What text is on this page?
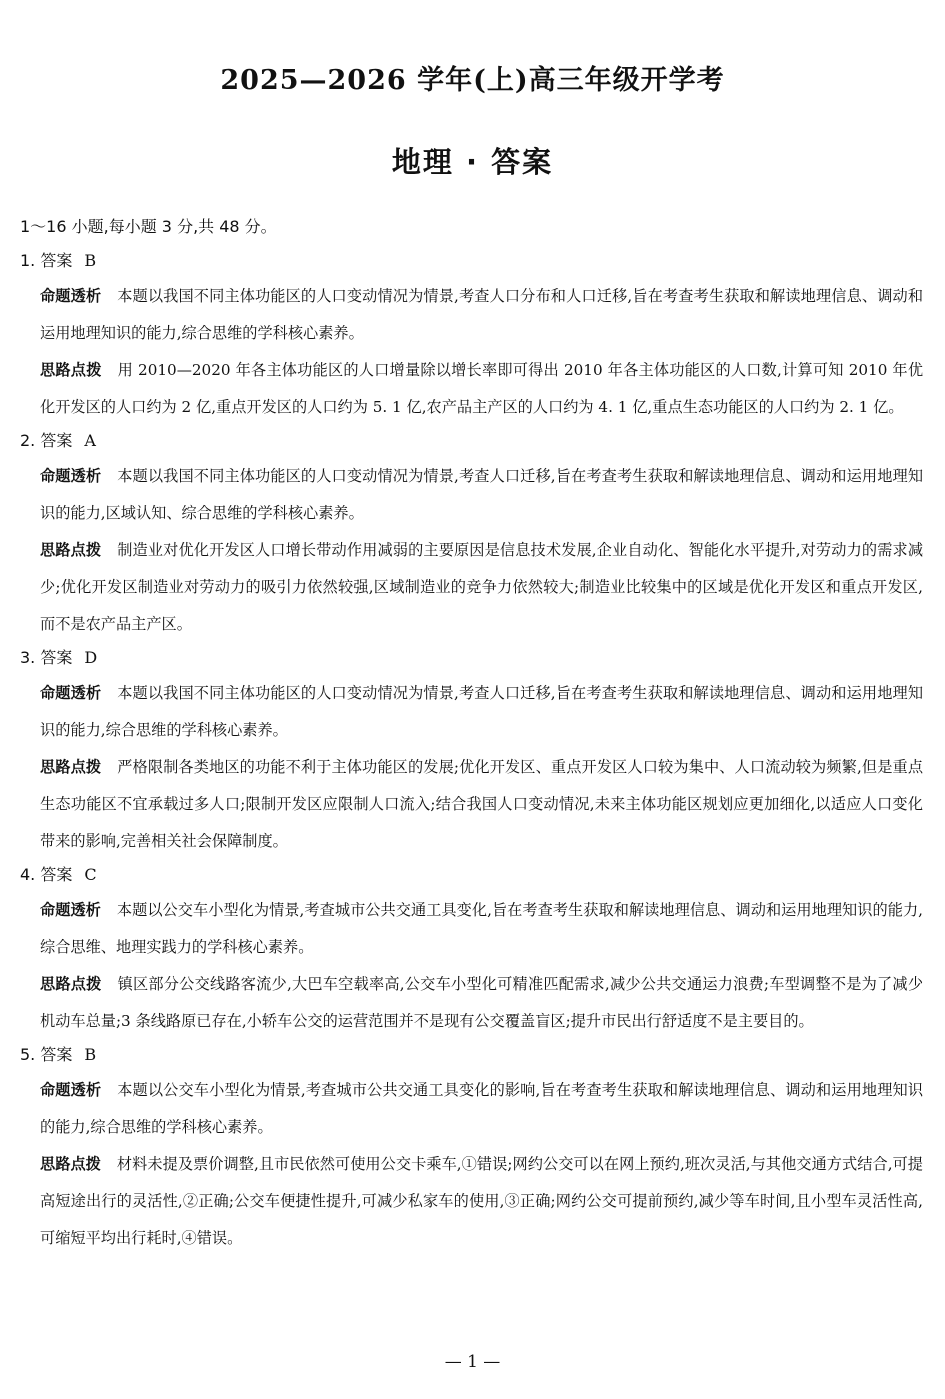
2025—2026 学年(上)高三年级开学考
地理 · 答案
1～16 小题,每小题 3 分,共 48 分。
1. 答案 B

命题透析 本题以我国不同主体功能区的人口变动情况为情景,考查人口分布和人口迁移,旨在考查考生获取和解读地理信息、调动和运用地理知识的能力,综合思维的学科核心素养。

思路点拨 用 2010—2020 年各主体功能区的人口增量除以增长率即可得出 2010 年各主体功能区的人口数,计算可知 2010 年优化开发区的人口约为 2 亿,重点开发区的人口约为 5. 1 亿,农产品主产区的人口约为 4. 1 亿,重点生态功能区的人口约为 2. 1 亿。

2. 答案 A

命题透析 本题以我国不同主体功能区的人口变动情况为情景,考查人口迁移,旨在考查考生获取和解读地理信息、调动和运用地理知识的能力,区域认知、综合思维的学科核心素养。

思路点拨 制造业对优化开发区人口增长带动作用减弱的主要原因是信息技术发展,企业自动化、智能化水平提升,对劳动力的需求减少;优化开发区制造业对劳动力的吸引力依然较强,区域制造业的竞争力依然较大;制造业比较集中的区域是优化开发区和重点开发区,而不是农产品主产区。

3. 答案 D

命题透析 本题以我国不同主体功能区的人口变动情况为情景,考查人口迁移,旨在考查考生获取和解读地理信息、调动和运用地理知识的能力,综合思维的学科核心素养。

思路点拨 严格限制各类地区的功能不利于主体功能区的发展;优化开发区、重点开发区人口较为集中、人口流动较为频繁,但是重点生态功能区不宜承载过多人口;限制开发区应限制人口流入;结合我国人口变动情况,未来主体功能区规划应更加细化,以适应人口变化带来的影响,完善相关社会保障制度。

4. 答案 C

命题透析 本题以公交车小型化为情景,考查城市公共交通工具变化,旨在考查考生获取和解读地理信息、调动和运用地理知识的能力,综合思维、地理实践力的学科核心素养。

思路点拨 镇区部分公交线路客流少,大巴车空载率高,公交车小型化可精准匹配需求,减少公共交通运力浪费;车型调整不是为了减少机动车总量;3 条线路原已存在,小轿车公交的运营范围并不是现有公交覆盖盲区;提升市民出行舒适度不是主要目的。

5. 答案 B

命题透析 本题以公交车小型化为情景,考查城市公共交通工具变化的影响,旨在考查考生获取和解读地理信息、调动和运用地理知识的能力,综合思维的学科核心素养。

思路点拨 材料未提及票价调整,且市民依然可使用公交卡乘车,①错误;网约公交可以在网上预约,班次灵活,与其他交通方式结合,可提高短途出行的灵活性,②正确;公交车便捷性提升,可减少私家车的使用,③正确;网约公交可提前预约,减少等车时间,且小型车灵活性高,可缩短平均出行耗时,④错误。

— 1 —
